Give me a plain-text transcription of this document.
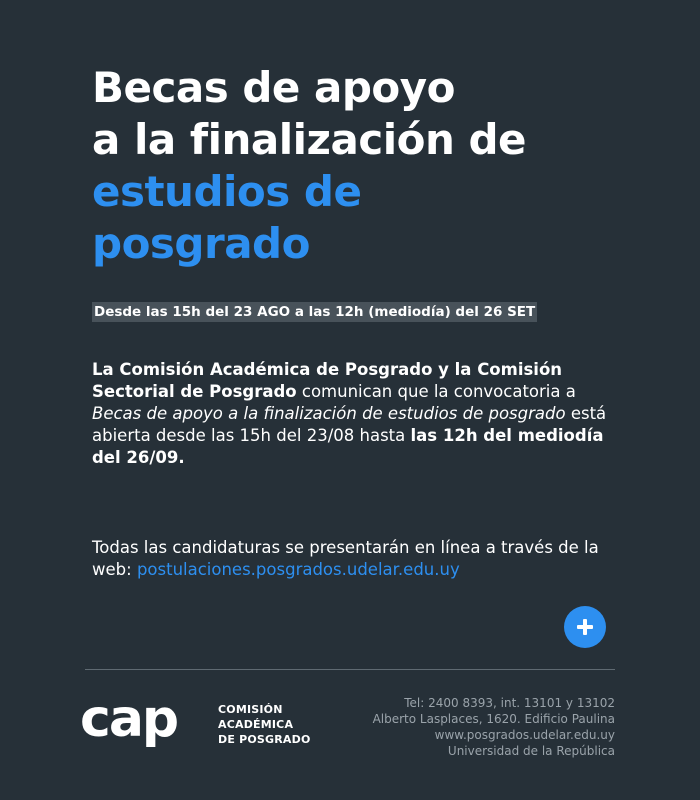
Becas de apoyo
a la finalización de
estudios de
posgrado
Desde las 15h del 23 AGO a las 12h (mediodía) del 26 SET

La Comisión Académica de Posgrado y la Comisión Sectorial de Posgrado comunican que la convocatoria a Becas de apoyo a la finalización de estudios de posgrado está abierta desde las 15h del 23/08 hasta las 12h del mediodía del 26/09.

Todas las candidaturas se presentarán en línea a través de la web: postulaciones.posgrados.udelar.edu.uy

cap	COMISIÓN
ACADÉMICA
DE POSGRADO
Tel: 2400 8393, int. 13101 y 13102
Alberto Lasplaces, 1620. Edificio Paulina
www.posgrados.udelar.edu.uy
Universidad de la República
